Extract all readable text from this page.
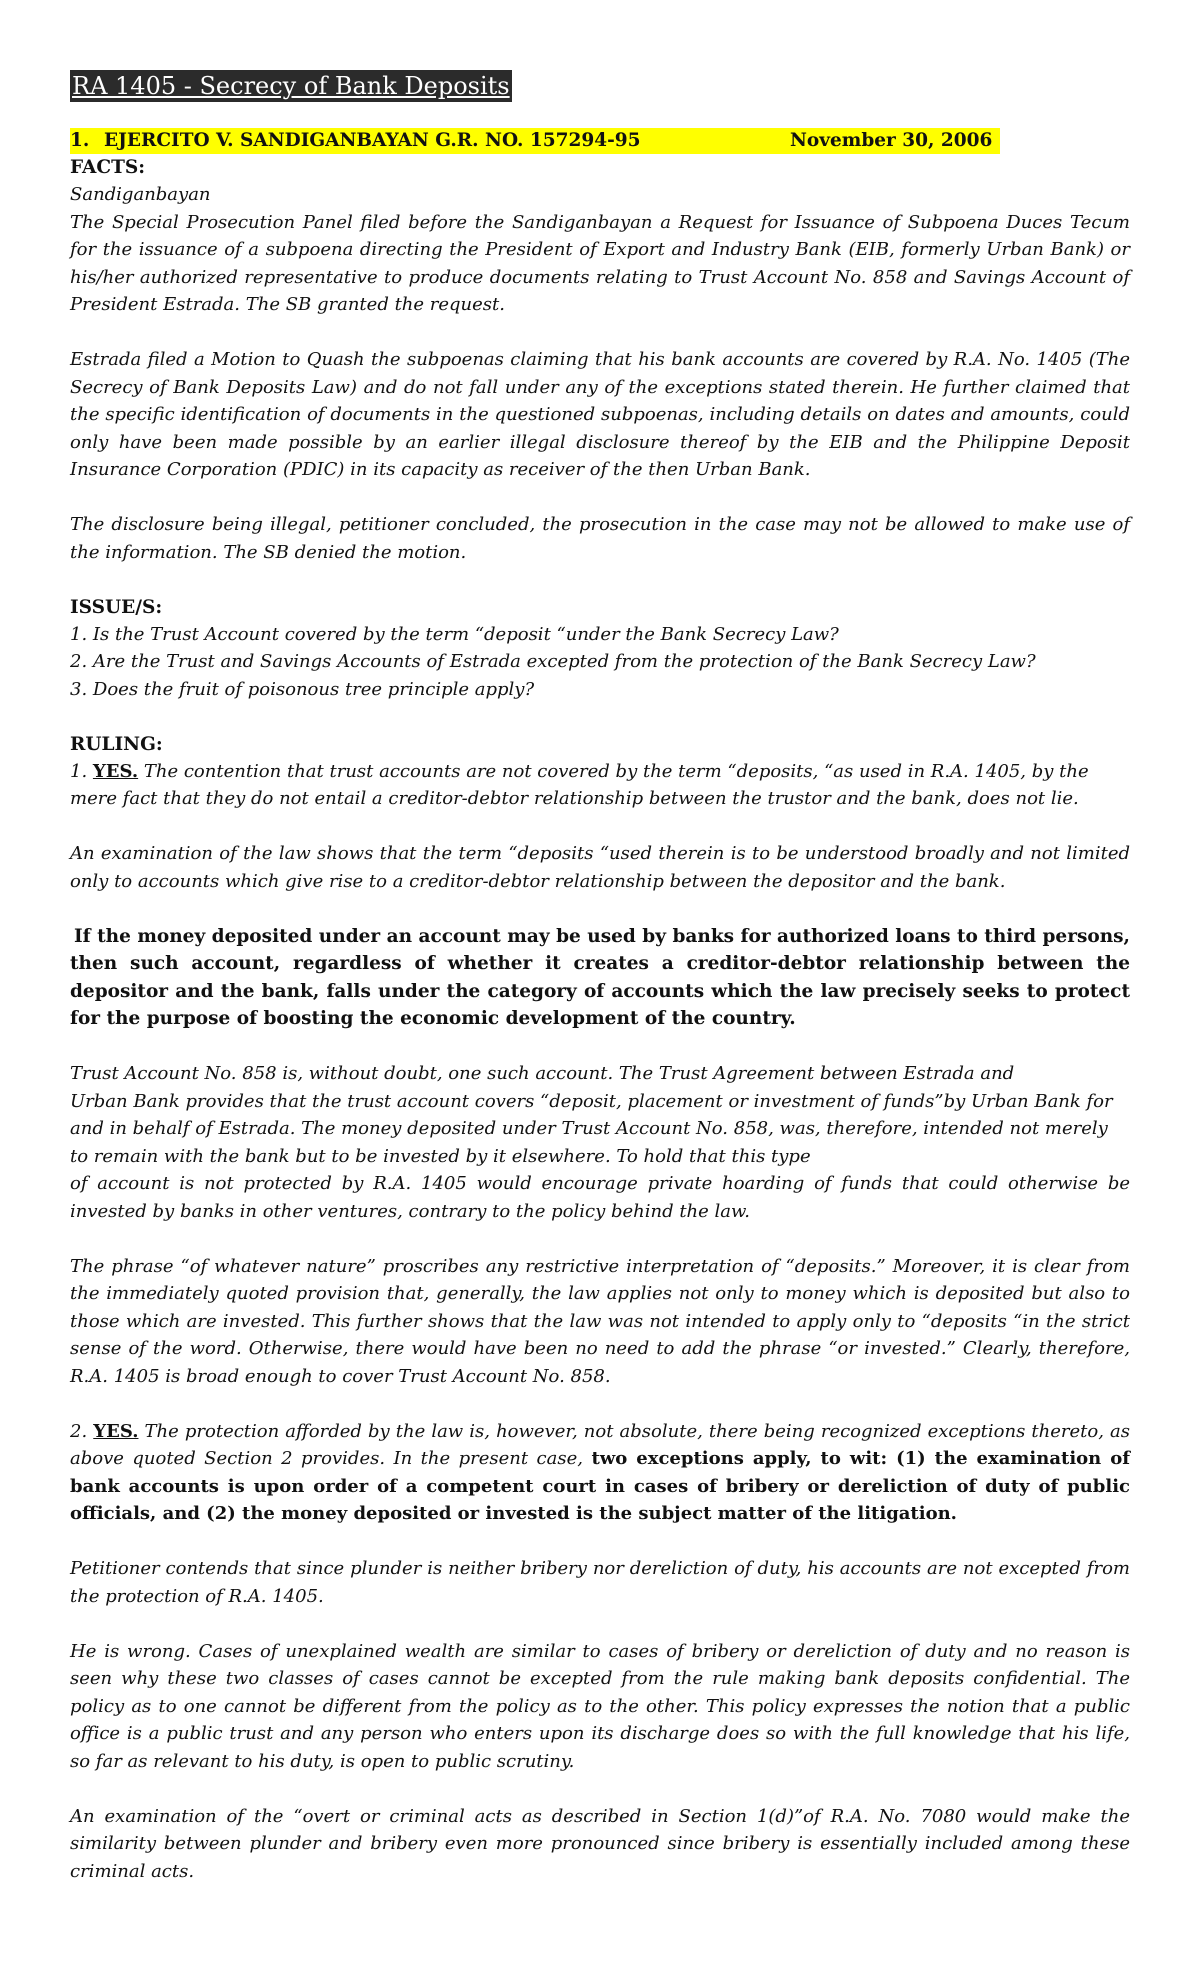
RA 1405 - Secrecy of Bank Deposits
1. EJERCITO V. SANDIGANBAYAN G.R. NO. 157294-95	November 30, 2006
FACTS:

Sandiganbayan

The Special Prosecution Panel filed before the Sandiganbayan a Request for Issuance of Subpoena Duces Tecum for the issuance of a subpoena directing the President of Export and Industry Bank (EIB, formerly Urban Bank) or his/her authorized representative to produce documents relating to Trust Account No. 858 and Savings Account of President Estrada. The SB granted the request.

Estrada filed a Motion to Quash the subpoenas claiming that his bank accounts are covered by R.A. No. 1405 (The Secrecy of Bank Deposits Law) and do not fall under any of the exceptions stated therein. He further claimed that the specific identification of documents in the questioned subpoenas, including details on dates and amounts, could only have been made possible by an earlier illegal disclosure thereof by the EIB and the Philippine Deposit Insurance Corporation (PDIC) in its capacity as receiver of the then Urban Bank.

The disclosure being illegal, petitioner concluded, the prosecution in the case may not be allowed to make use of the information. The SB denied the motion.

ISSUE/S:

1. Is the Trust Account covered by the term “deposit “under the Bank Secrecy Law?

2. Are the Trust and Savings Accounts of Estrada excepted from the protection of the Bank Secrecy Law?

3. Does the fruit of poisonous tree principle apply?

RULING:

1. YES. The contention that trust accounts are not covered by the term “deposits, “as used in R.A. 1405, by the mere fact that they do not entail a creditor-debtor relationship between the trustor and the bank, does not lie.

An examination of the law shows that the term “deposits “used therein is to be understood broadly and not limited only to accounts which give rise to a creditor-debtor relationship between the depositor and the bank.

If the money deposited under an account may be used by banks for authorized loans to third persons, then such account, regardless of whether it creates a creditor-debtor relationship between the depositor and the bank, falls under the category of accounts which the law precisely seeks to protect for the purpose of boosting the economic development of the country.

Trust Account No. 858 is, without doubt, one such account. The Trust Agreement between Estrada and

Urban Bank provides that the trust account covers “deposit, placement or investment of funds”by Urban Bank for and in behalf of Estrada. The money deposited under Trust Account No. 858, was, therefore, intended not merely to remain with the bank but to be invested by it elsewhere. To hold that this type

of account is not protected by R.A. 1405 would encourage private hoarding of funds that could otherwise be invested by banks in other ventures, contrary to the policy behind the law.

The phrase “of whatever nature” proscribes any restrictive interpretation of “deposits.” Moreover, it is clear from the immediately quoted provision that, generally, the law applies not only to money which is deposited but also to those which are invested. This further shows that the law was not intended to apply only to “deposits “in the strict sense of the word. Otherwise, there would have been no need to add the phrase “or invested.” Clearly, therefore, R.A. 1405 is broad enough to cover Trust Account No. 858.

2. YES. The protection afforded by the law is, however, not absolute, there being recognized exceptions thereto, as above quoted Section 2 provides. In the present case, two exceptions apply, to wit: (1) the examination of bank accounts is upon order of a competent court in cases of bribery or dereliction of duty of public officials, and (2) the money deposited or invested is the subject matter of the litigation.

Petitioner contends that since plunder is neither bribery nor dereliction of duty, his accounts are not excepted from the protection of R.A. 1405.

He is wrong. Cases of unexplained wealth are similar to cases of bribery or dereliction of duty and no reason is seen why these two classes of cases cannot be excepted from the rule making bank deposits confidential. The policy as to one cannot be different from the policy as to the other. This policy expresses the notion that a public office is a public trust and any person who enters upon its discharge does so with the full knowledge that his life, so far as relevant to his duty, is open to public scrutiny.

An examination of the “overt or criminal acts as described in Section 1(d)”of R.A. No. 7080 would make the similarity between plunder and bribery even more pronounced since bribery is essentially included among these criminal acts.
